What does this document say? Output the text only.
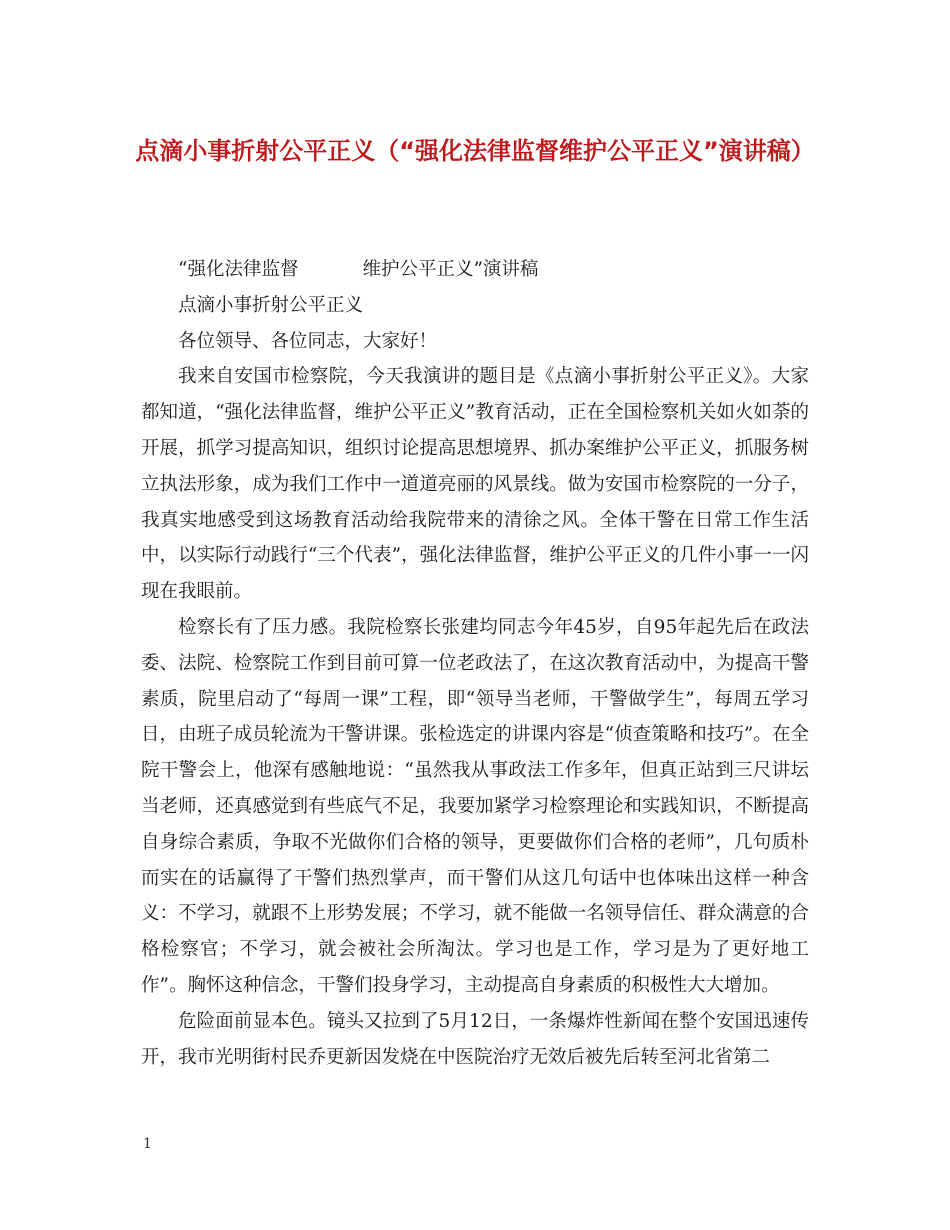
点滴小事折射公平正义（“强化法律监督维护公平正义”演讲稿）
“强化法律监督	维护公平正义”演讲稿

点滴小事折射公平正义

各位领导、各位同志，大家好！

我来自安国市检察院，今天我演讲的题目是《点滴小事折射公平正义》。大家都知道，“强化法律监督，维护公平正义”教育活动，正在全国检察机关如火如荼的开展，抓学习提高知识，组织讨论提高思想境界、抓办案维护公平正义，抓服务树立执法形象，成为我们工作中一道道亮丽的风景线。做为安国市检察院的一分子，我真实地感受到这场教育活动给我院带来的清徐之风。全体干警在日常工作生活中，以实际行动践行“三个代表”，强化法律监督，维护公平正义的几件小事一一闪现在我眼前。

检察长有了压力感。我院检察长张建均同志今年45岁，自95年起先后在政法委、法院、检察院工作到目前可算一位老政法了，在这次教育活动中，为提高干警素质，院里启动了“每周一课”工程，即“领导当老师，干警做学生”，每周五学习日，由班子成员轮流为干警讲课。张检选定的讲课内容是“侦查策略和技巧”。在全院干警会上，他深有感触地说：“虽然我从事政法工作多年，但真正站到三尺讲坛当老师，还真感觉到有些底气不足，我要加紧学习检察理论和实践知识，不断提高自身综合素质，争取不光做你们合格的领导，更要做你们合格的老师”，几句质朴而实在的话赢得了干警们热烈掌声，而干警们从这几句话中也体味出这样一种含义：不学习，就跟不上形势发展；不学习，就不能做一名领导信任、群众满意的合格检察官；不学习，就会被社会所淘汰。学习也是工作，学习是为了更好地工作”。胸怀这种信念，干警们投身学习，主动提高自身素质的积极性大大增加。

危险面前显本色。镜头又拉到了5月12日，一条爆炸性新闻在整个安国迅速传开，我市光明街村民乔更新因发烧在中医院治疗无效后被先后转至河北省第二

1
